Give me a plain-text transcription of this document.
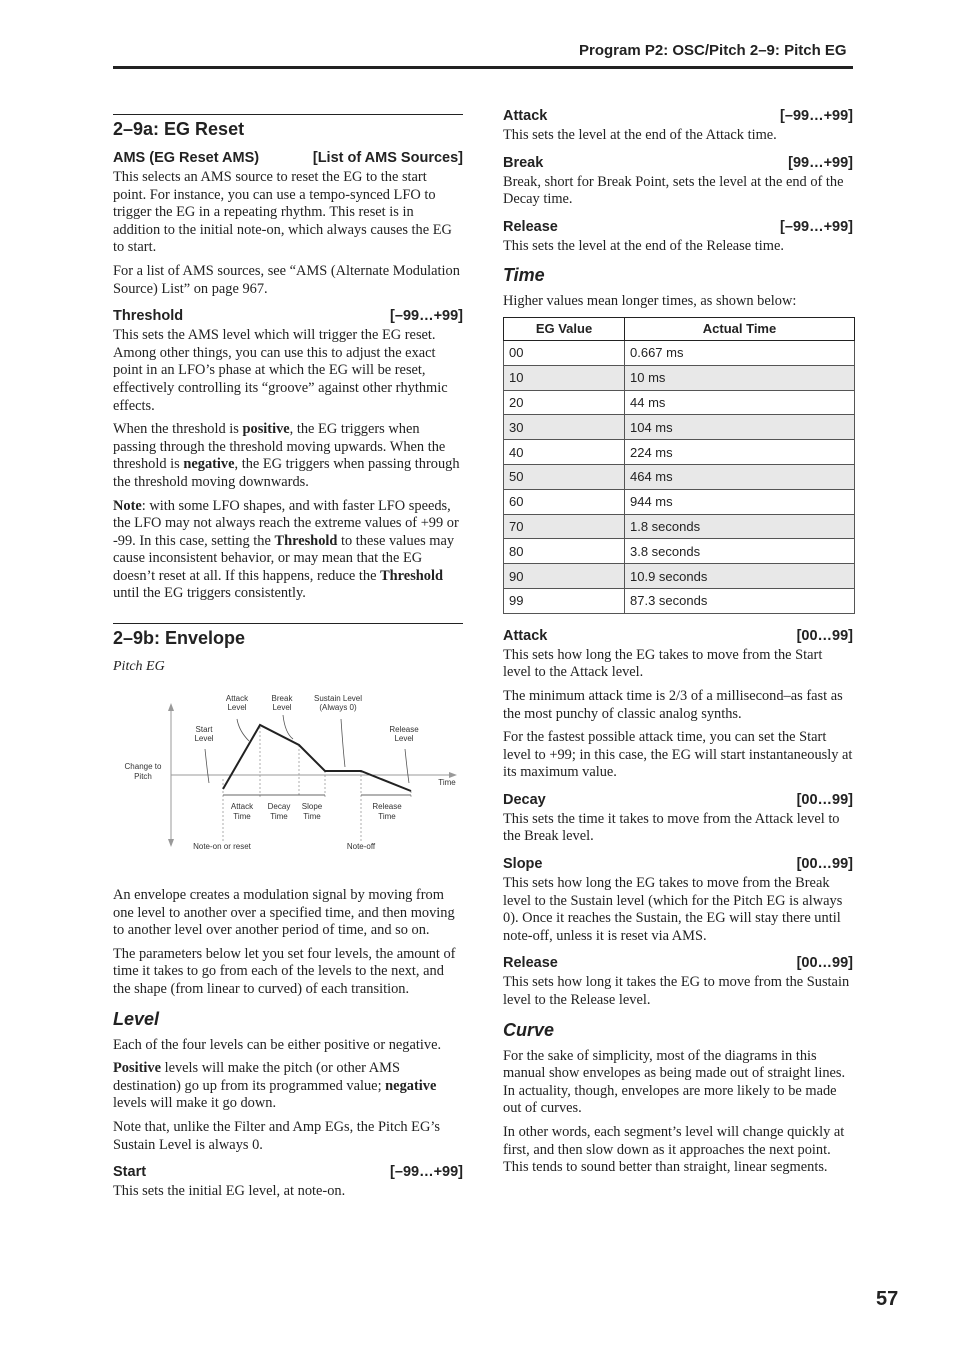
Program P2: OSC/Pitch 2–9: Pitch EG
2–9a: EG Reset
AMS (EG Reset AMS)	[List of AMS Sources]

This selects an AMS source to reset the EG to the start point. For instance, you can use a tempo-synced LFO to trigger the EG in a repeating rhythm. This reset is in addition to the initial note-on, which always causes the EG to start.

For a list of AMS sources, see “AMS (Alternate Modulation Source) List” on page 967.

Threshold	[–99…+99]

This sets the AMS level which will trigger the EG reset. Among other things, you can use this to adjust the exact point in an LFO’s phase at which the EG will be reset, effectively controlling its “groove” against other rhythmic effects.

When the threshold is positive, the EG triggers when passing through the threshold moving upwards. When the threshold is negative, the EG triggers when passing through the threshold moving downwards.

Note: with some LFO shapes, and with faster LFO speeds, the LFO may not always reach the extreme values of +99 or -99. In this case, setting the Threshold to these values may cause inconsistent behavior, or may mean that the EG doesn’t reset at all. If this happens, reduce the Threshold until the EG triggers consistently.

2–9b: Envelope
Pitch EG
Attack
Level
Break
Level
Sustain Level
(Always 0)
Start
Level
Release
Level
Change to
Pitch
Time
Attack
Time
Decay
Time
Slope
Time
Release
Time
Note-on or reset	Note-off

An envelope creates a modulation signal by moving from one level to another over a specified time, and then moving to another level over another period of time, and so on.

The parameters below let you set four levels, the amount of time it takes to go from each of the levels to the next, and the shape (from linear to curved) of each transition.

Level

Each of the four levels can be either positive or negative.

Positive levels will make the pitch (or other AMS destination) go up from its programmed value; negative levels will make it go down.

Note that, unlike the Filter and Amp EGs, the Pitch EG’s Sustain Level is always 0.

Start	[–99…+99]

This sets the initial EG level, at note-on.

Attack	[–99…+99]

This sets the level at the end of the Attack time.

Break	[99…+99]

Break, short for Break Point, sets the level at the end of the Decay time.

Release	[–99…+99]

This sets the level at the end of the Release time.

Time

Higher values mean longer times, as shown below:

EG Value	Actual Time
00	0.667 ms
10	10 ms
20	44 ms
30	104 ms
40	224 ms
50	464 ms
60	944 ms
70	1.8 seconds
80	3.8 seconds
90	10.9 seconds
99	87.3 seconds
Attack	[00…99]

This sets how long the EG takes to move from the Start level to the Attack level.

The minimum attack time is 2/3 of a millisecond–as fast as the most punchy of classic analog synths.

For the fastest possible attack time, you can set the Start level to +99; in this case, the EG will start instantaneously at its maximum value.

Decay	[00…99]

This sets the time it takes to move from the Attack level to the Break level.

Slope	[00…99]

This sets how long the EG takes to move from the Break level to the Sustain level (which for the Pitch EG is always 0). Once it reaches the Sustain, the EG will stay there until note-off, unless it is reset via AMS.

Release	[00…99]

This sets how long it takes the EG to move from the Sustain level to the Release level.

Curve

For the sake of simplicity, most of the diagrams in this manual show envelopes as being made out of straight lines. In actuality, though, envelopes are more likely to be made out of curves.

In other words, each segment’s level will change quickly at first, and then slow down as it approaches the next point. This tends to sound better than straight, linear segments.

57
